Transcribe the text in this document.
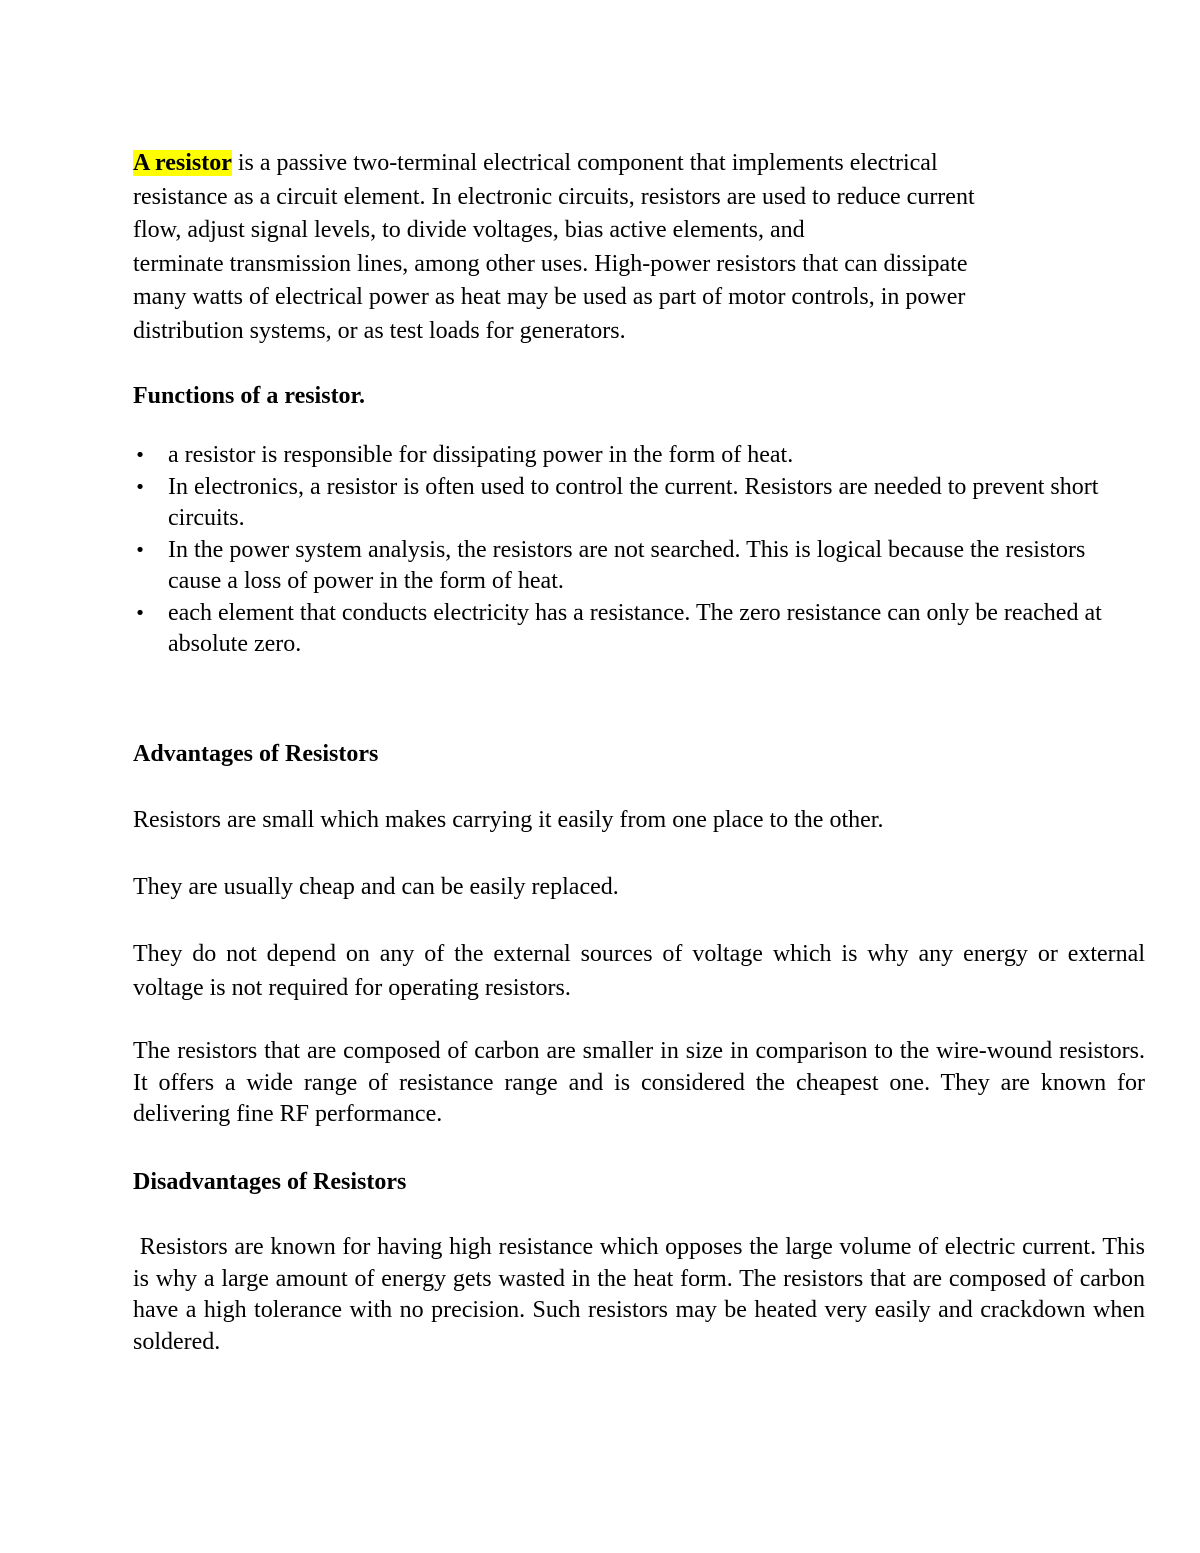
A resistor is a passive two-terminal electrical component that implements electrical
resistance as a circuit element. In electronic circuits, resistors are used to reduce current
flow, adjust signal levels, to divide voltages, bias active elements, and
terminate transmission lines, among other uses. High-power resistors that can dissipate
many watts of electrical power as heat may be used as part of motor controls, in power
distribution systems, or as test loads for generators.
Functions of a resistor.
• a resistor is responsible for dissipating power in the form of heat.
• In electronics, a resistor is often used to control the current. Resistors are needed to prevent short circuits.
• In the power system analysis, the resistors are not searched. This is logical because the resistors cause a loss of power in the form of heat.
• each element that conducts electricity has a resistance. The zero resistance can only be reached at absolute zero.
Advantages of Resistors
Resistors are small which makes carrying it easily from one place to the other.
They are usually cheap and can be easily replaced.
They do not depend on any of the external sources of voltage which is why any energy or external voltage is not required for operating resistors.
The resistors that are composed of carbon are smaller in size in comparison to the wire-wound resistors. It offers a wide range of resistance range and is considered the cheapest one. They are known for delivering fine RF performance.
Disadvantages of Resistors
Resistors are known for having high resistance which opposes the large volume of electric current. This is why a large amount of energy gets wasted in the heat form. The resistors that are composed of carbon have a high tolerance with no precision. Such resistors may be heated very easily and crackdown when soldered.
